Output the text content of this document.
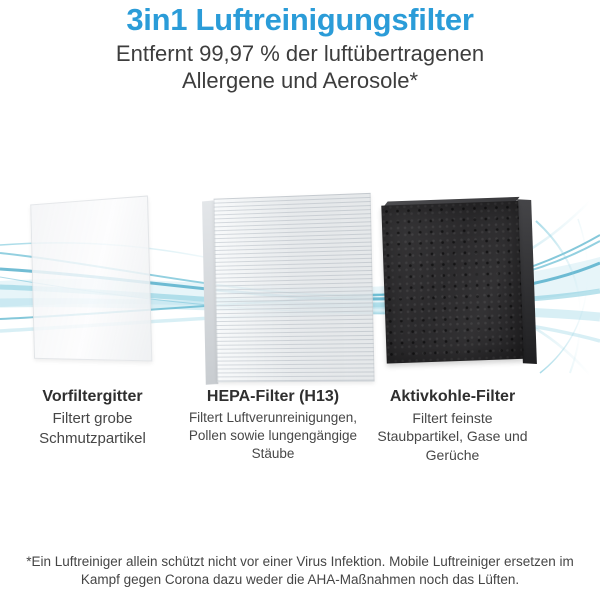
3in1 Luftreinigungsfilter
Entfernt 99,97 % der luftübertragenen
Allergene und Aerosole*
Vorfiltergitter
Filtert grobe Schmutzpartikel
HEPA-Filter (H13)
Filtert Luftverunreinigungen, Pollen sowie lungengängige Stäube
Aktivkohle-Filter
Filtert feinste Staubpartikel, Gase und Gerüche
*Ein Luftreiniger allein schützt nicht vor einer Virus Infektion. Mobile Luftreiniger ersetzen im
Kampf gegen Corona dazu weder die AHA-Maßnahmen noch das Lüften.
